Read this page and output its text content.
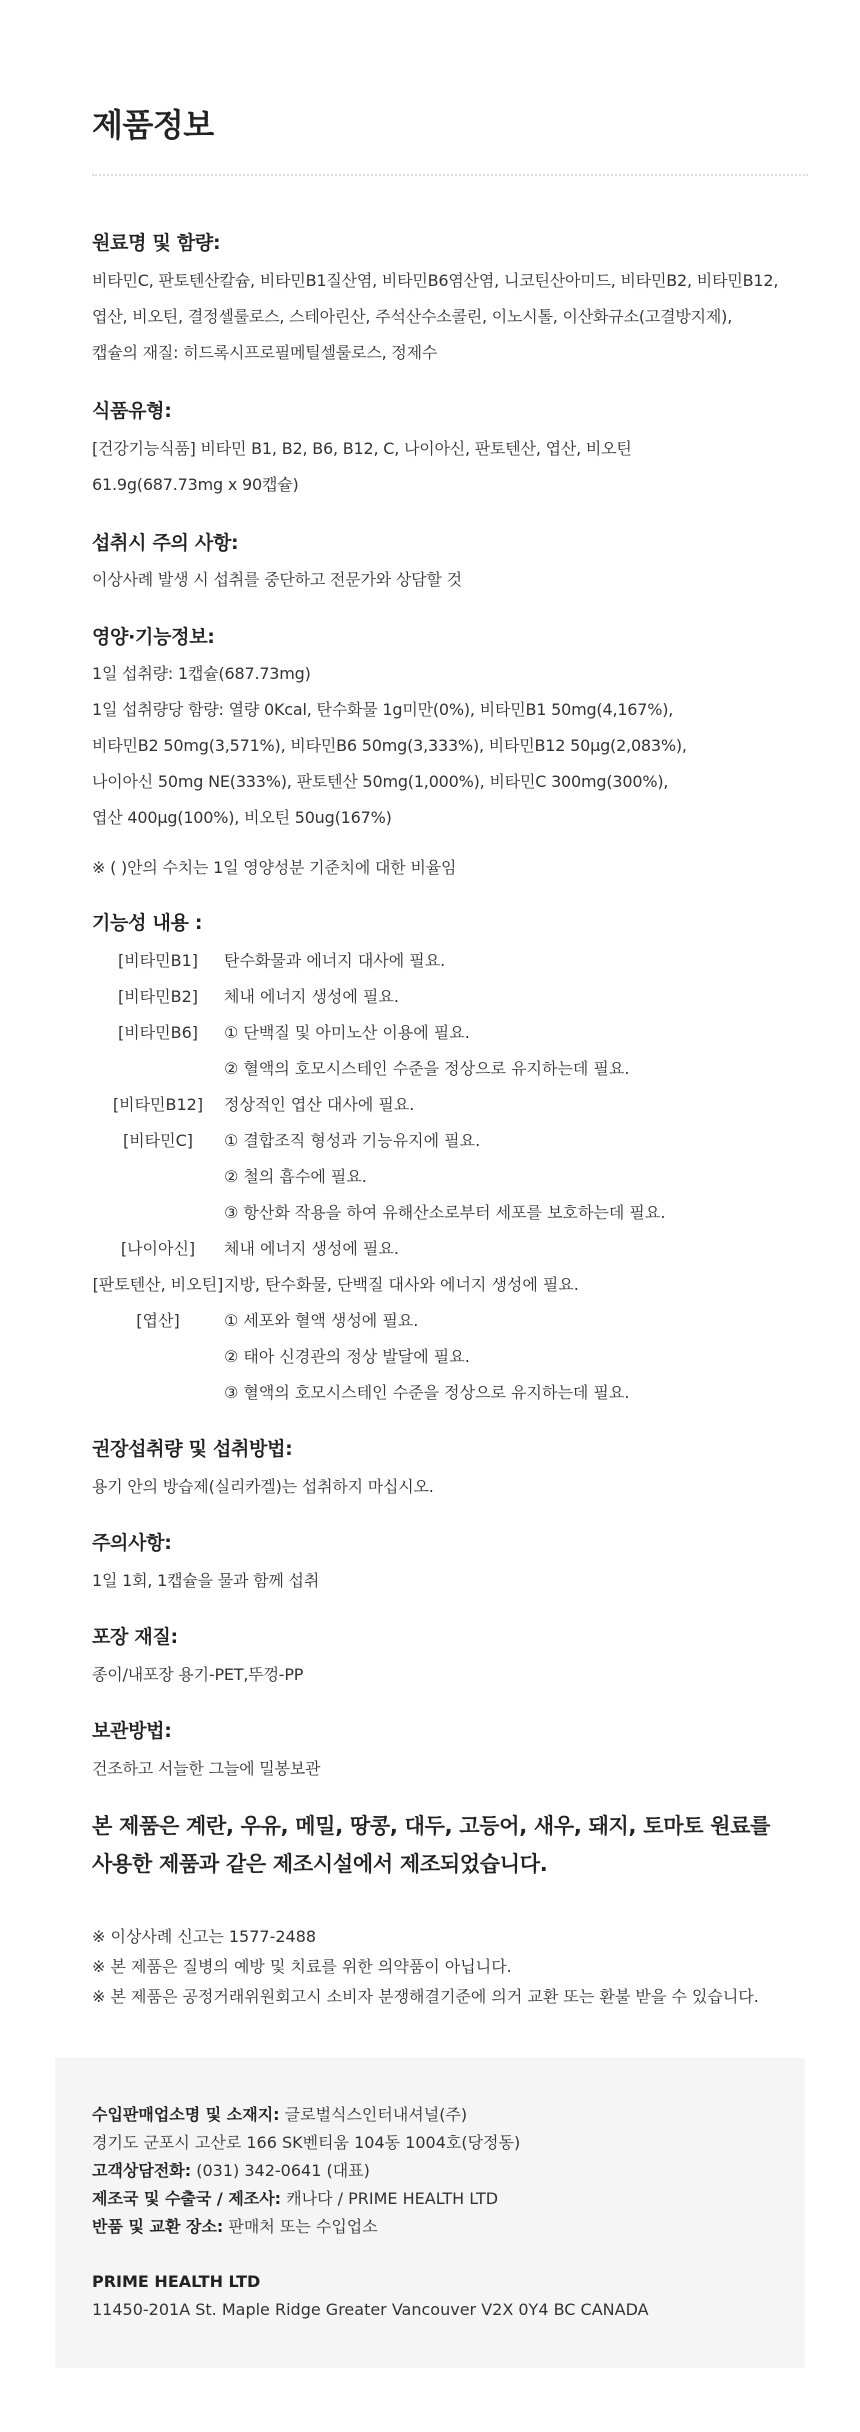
제품정보
원료명 및 함량:

비타민C, 판토텐산칼슘, 비타민B1질산염, 비타민B6염산염, 니코틴산아미드, 비타민B2, 비타민B12,

엽산, 비오틴, 결정셀룰로스, 스테아린산, 주석산수소콜린, 이노시톨, 이산화규소(고결방지제),

캡슐의 재질: 히드록시프로필메틸셀룰로스, 정제수

식품유형:

[건강기능식품] 비타민 B1, B2, B6, B12, C, 나이아신, 판토텐산, 엽산, 비오틴

61.9g(687.73mg x 90캡슐)

섭취시 주의 사항:

이상사례 발생 시 섭취를 중단하고 전문가와 상담할 것

영양·기능정보:

1일 섭취량: 1캡슐(687.73mg)

1일 섭취량당 함량: 열량 0Kcal, 탄수화물 1g미만(0%), 비타민B1 50mg(4,167%),

비타민B2 50mg(3,571%), 비타민B6 50mg(3,333%), 비타민B12 50µg(2,083%),

나이아신 50mg NE(333%), 판토텐산 50mg(1,000%), 비타민C 300mg(300%),

엽산 400µg(100%), 비오틴 50ug(167%)

※ ( )안의 수치는 1일 영양성분 기준치에 대한 비율임

기능성 내용 :
[비타민B1]	탄수화물과 에너지 대사에 필요.
[비타민B2]	체내 에너지 생성에 필요.
[비타민B6]	① 단백질 및 아미노산 이용에 필요.
② 혈액의 호모시스테인 수준을 정상으로 유지하는데 필요.
[비타민B12]	정상적인 엽산 대사에 필요.
[비타민C]	① 결합조직 형성과 기능유지에 필요.
② 철의 흡수에 필요.
③ 항산화 작용을 하여 유해산소로부터 세포를 보호하는데 필요.
[나이아신]	체내 에너지 생성에 필요.
[판토텐산, 비오틴] 지방, 탄수화물, 단백질 대사와 에너지 생성에 필요.
[엽산]	① 세포와 혈액 생성에 필요.
② 태아 신경관의 정상 발달에 필요.
③ 혈액의 호모시스테인 수준을 정상으로 유지하는데 필요.
권장섭취량 및 섭취방법:

용기 안의 방습제(실리카겔)는 섭취하지 마십시오.

주의사항:

1일 1회, 1캡슐을 물과 함께 섭취

포장 재질:

종이/내포장 용기-PET,뚜껑-PP

보관방법:

건조하고 서늘한 그늘에 밀봉보관

본 제품은 계란, 우유, 메밀, 땅콩, 대두, 고등어, 새우, 돼지, 토마토 원료를

사용한 제품과 같은 제조시설에서 제조되었습니다.

※ 이상사례 신고는 1577-2488

※ 본 제품은 질병의 예방 및 치료를 위한 의약품이 아닙니다.

※ 본 제품은 공정거래위원회고시 소비자 분쟁해결기준에 의거 교환 또는 환불 받을 수 있습니다.

수입판매업소명 및 소재지: 글로벌식스인터내셔널(주)
경기도 군포시 고산로 166 SK벤티움 104동 1004호(당정동)
고객상담전화: (031) 342-0641 (대표)
제조국 및 수출국 / 제조사: 캐나다 / PRIME HEALTH LTD
반품 및 교환 장소: 판매처 또는 수입업소
PRIME HEALTH LTD
11450-201A St. Maple Ridge Greater Vancouver V2X 0Y4 BC CANADA
